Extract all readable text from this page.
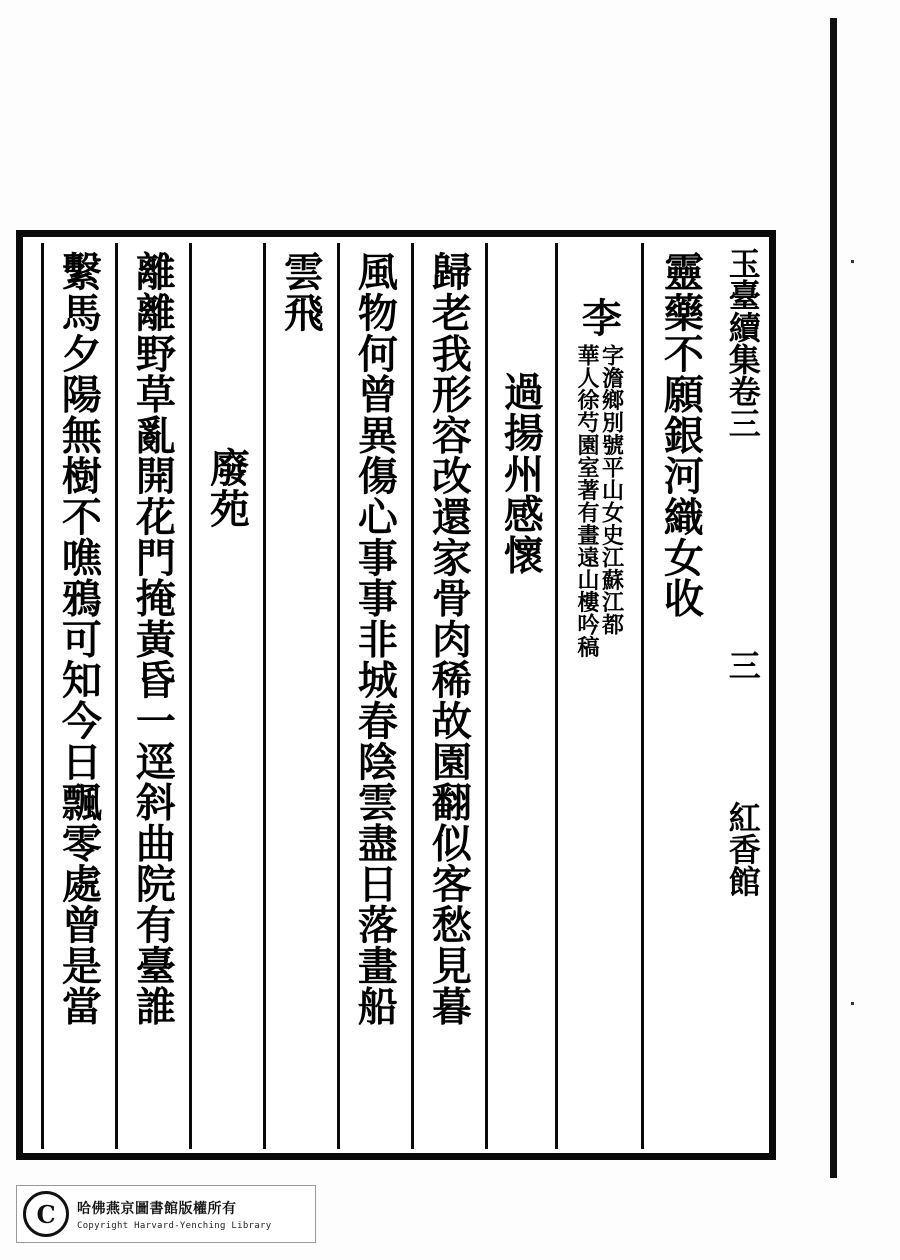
玉臺續集
卷三
三
紅香館
靈藥不願銀河織女收
李
字澹鄉別號平山女史江蘇江都
華人徐芍園室著有畫遠山樓吟稿
過揚州感懷
歸老我形容改還家骨肉稀故園翻似客愁見暮
風物何曾異傷心事事非城春陰雲盡日落畫船
雲飛
廢苑
離離野草亂開花門掩黃昏一逕斜曲院有臺誰
繫馬夕陽無樹不噍鴉可知今日飄零處曾是當
C	哈佛燕京圖書館版權所有
Copyright Harvard-Yenching Library
